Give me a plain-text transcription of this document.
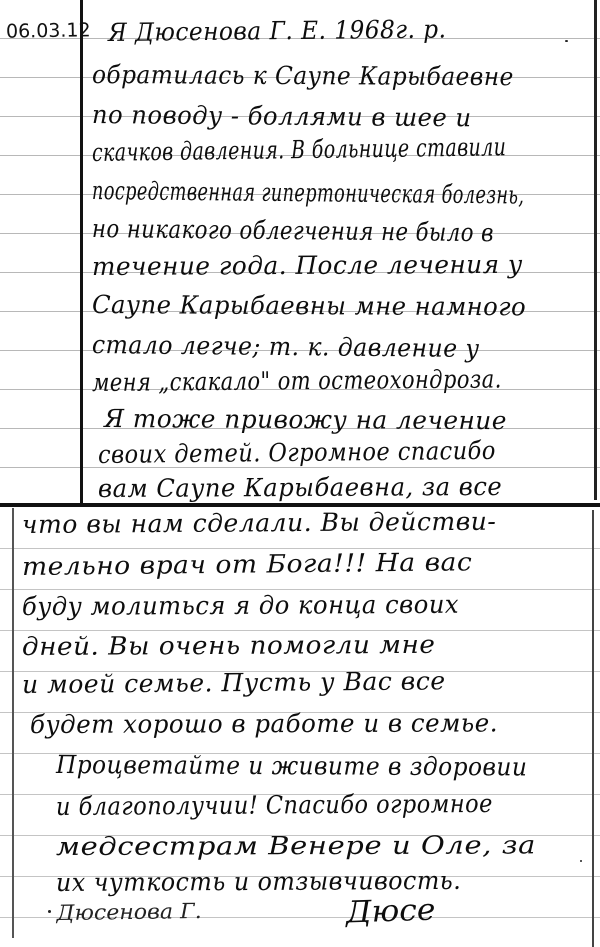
06.03.12 Я Дюсенова Г. Е. 1968г. р.
обратилась к Саупе Карыбаевне
по поводу - боллями в шее и
скачков давления. В больнице ставили
посредственная гипертоническая болезнь,
но никакого облегчения не было в
течение года. После лечения у
Саупе Карыбаевны мне намного
стало легче; т. к. давление у
меня „скакало" от остеохондроза.
Я тоже привожу на лечение
своих детей. Огромное спасибо
вам Саупе Карыбаевна, за все
что вы нам сделали. Вы действи-
тельно врач от Бога!!! На вас
буду молиться я до конца своих
дней. Вы очень помогли мне
и моей семье. Пусть у Вас все
будет хорошо в работе и в семье.
Процветайте и живите в здоровии
и благополучии! Спасибо огромное
медсестрам Венере и Оле, за
их чуткость и отзывчивость.
Дюсенова Г.	Дюсе
